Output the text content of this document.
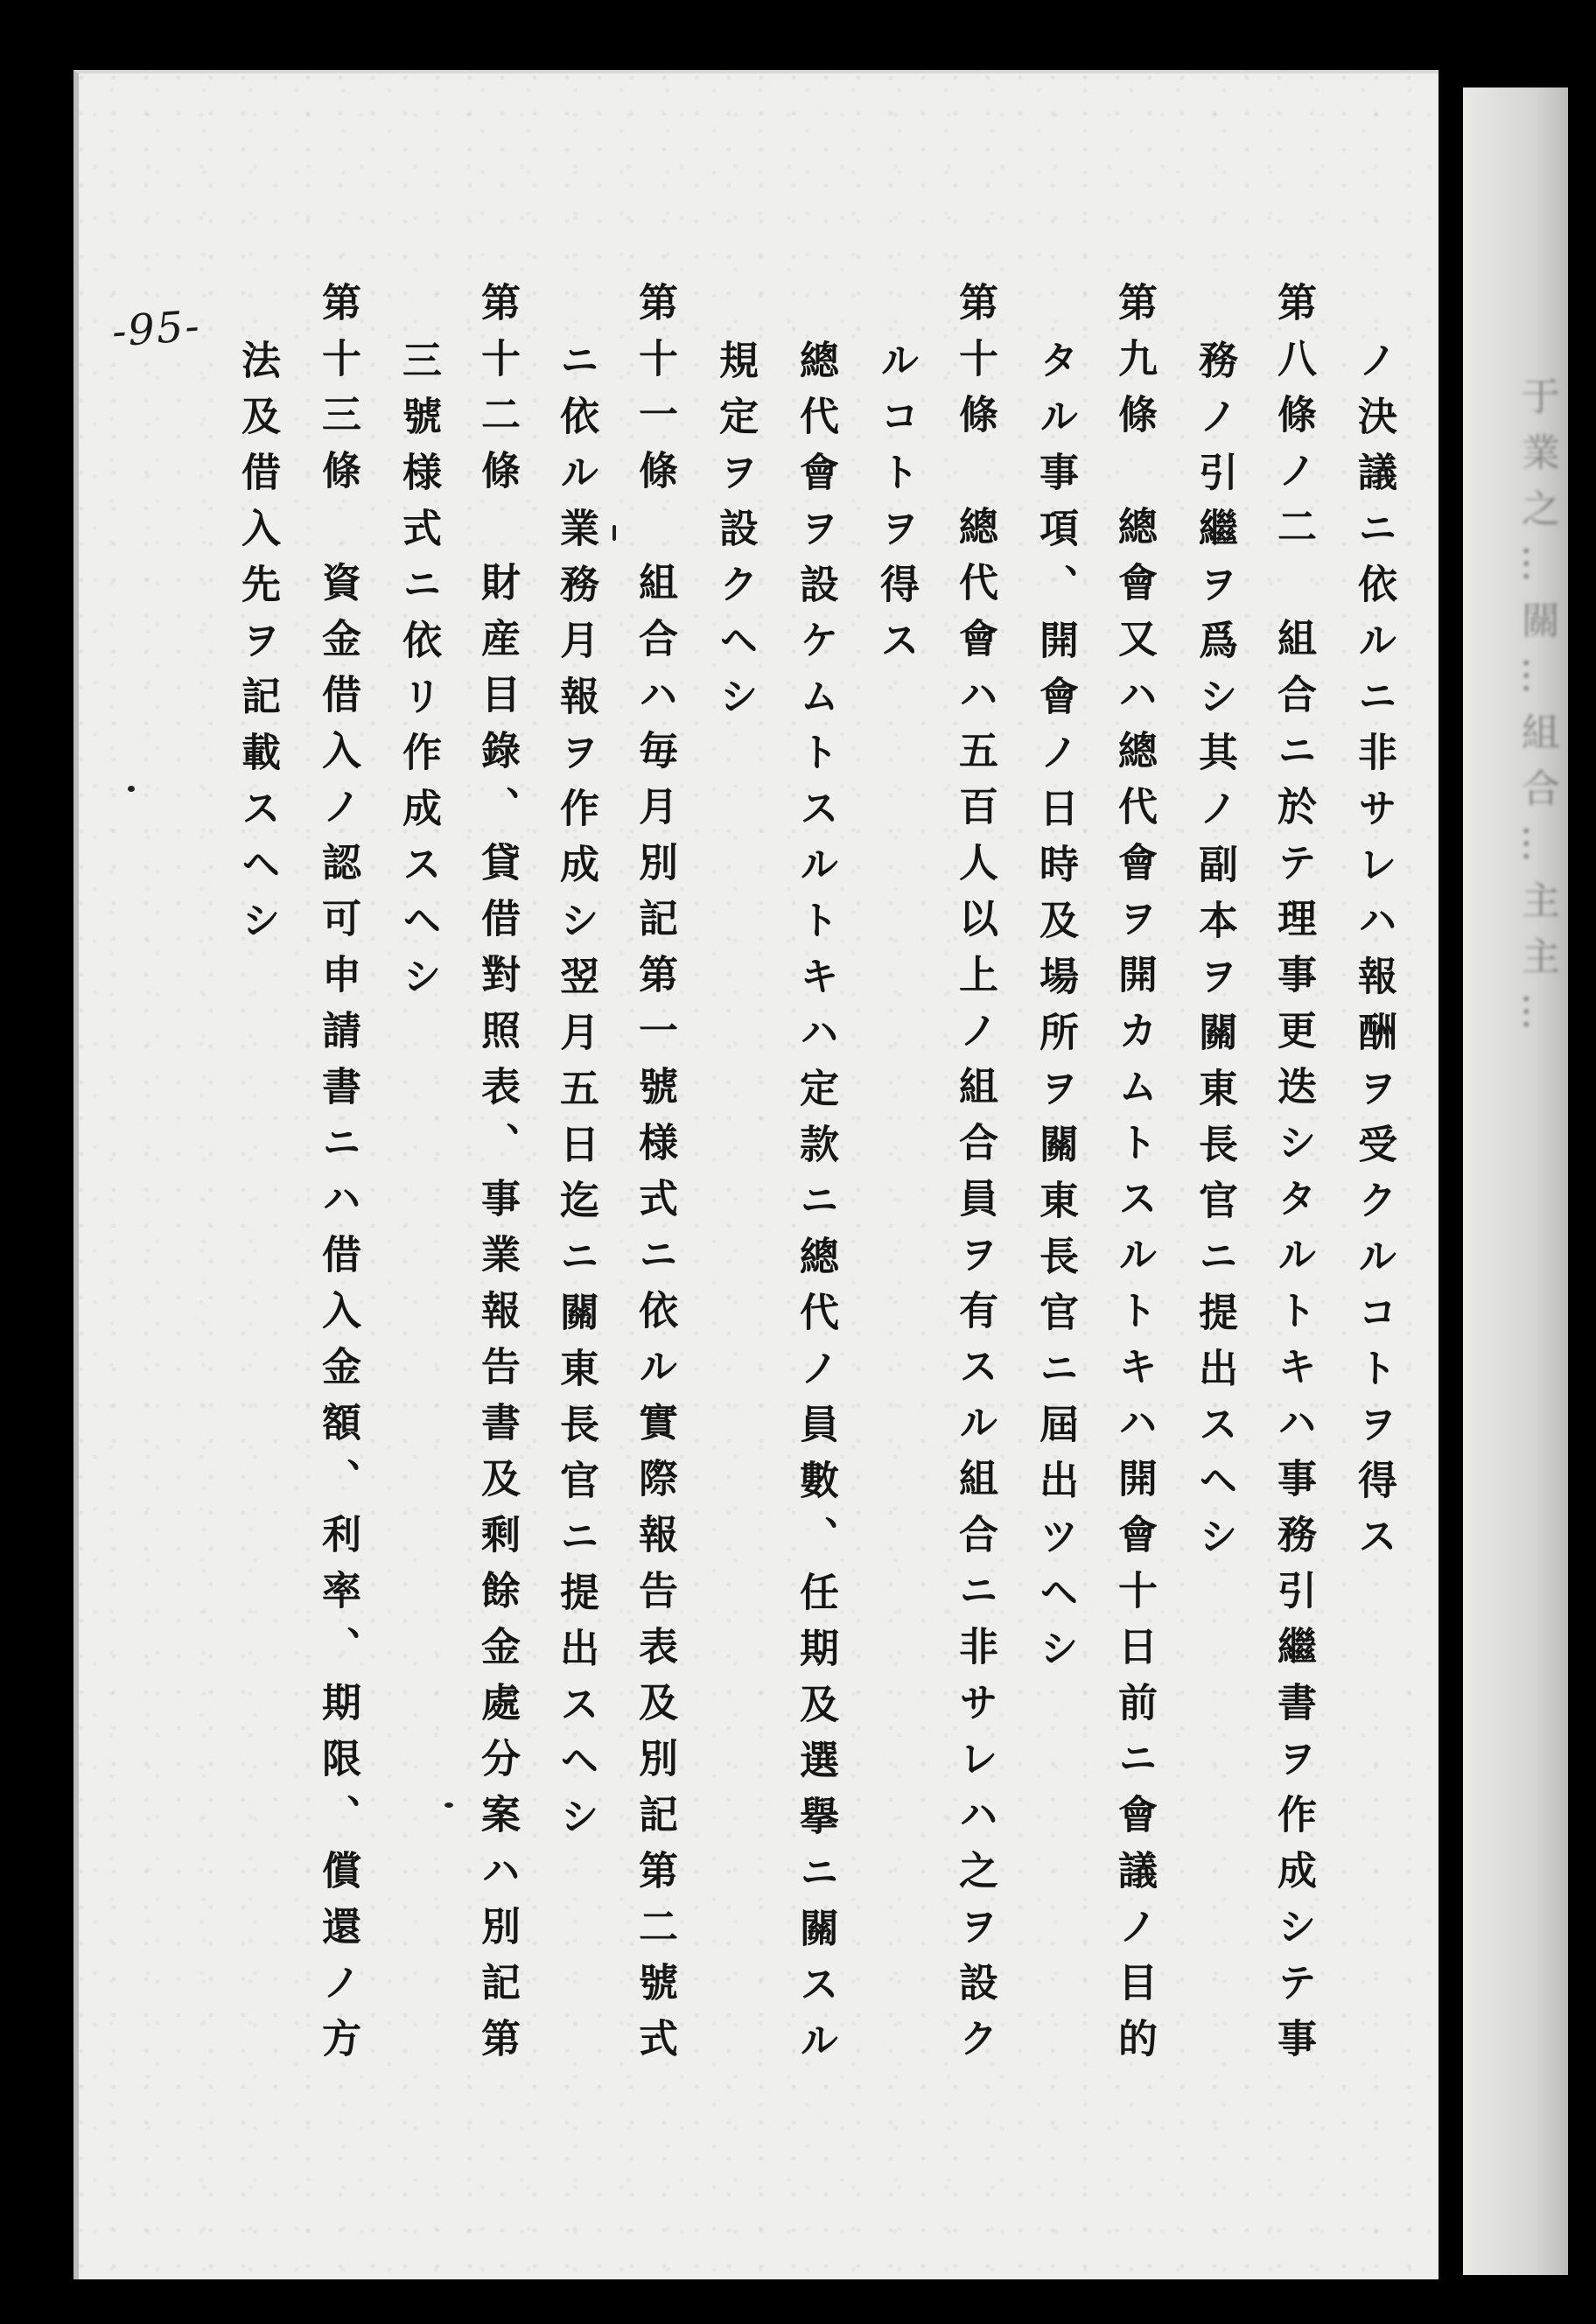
于業之…關…組合…主主…
-95-
ノ決議ニ依ルニ非サレハ報酬ヲ受クルコトヲ得ス
第八條ノ二　組合ニ於テ理事更迭シタルトキハ事務引繼書ヲ作成シテ事
務ノ引繼ヲ爲シ其ノ副本ヲ關東長官ニ提出スヘシ
第九條　總會又ハ總代會ヲ開カムトスルトキハ開會十日前ニ會議ノ目的
タル事項、開會ノ日時及場所ヲ關東長官ニ屆出ツヘシ
第十條　總代會ハ五百人以上ノ組合員ヲ有スル組合ニ非サレハ之ヲ設ク
ルコトヲ得ス
總代會ヲ設ケムトスルトキハ定款ニ總代ノ員數、任期及選擧ニ關スル
規定ヲ設クヘシ
第十一條　組合ハ毎月別記第一號様式ニ依ル實際報告表及別記第二號式
ニ依ル業務月報ヲ作成シ翌月五日迄ニ關東長官ニ提出スヘシ
第十二條　財産目錄、貸借對照表、事業報告書及剩餘金處分案ハ別記第
三號様式ニ依リ作成スヘシ
第十三條　資金借入ノ認可申請書ニハ借入金額、利率、期限、償還ノ方
法及借入先ヲ記載スヘシ
